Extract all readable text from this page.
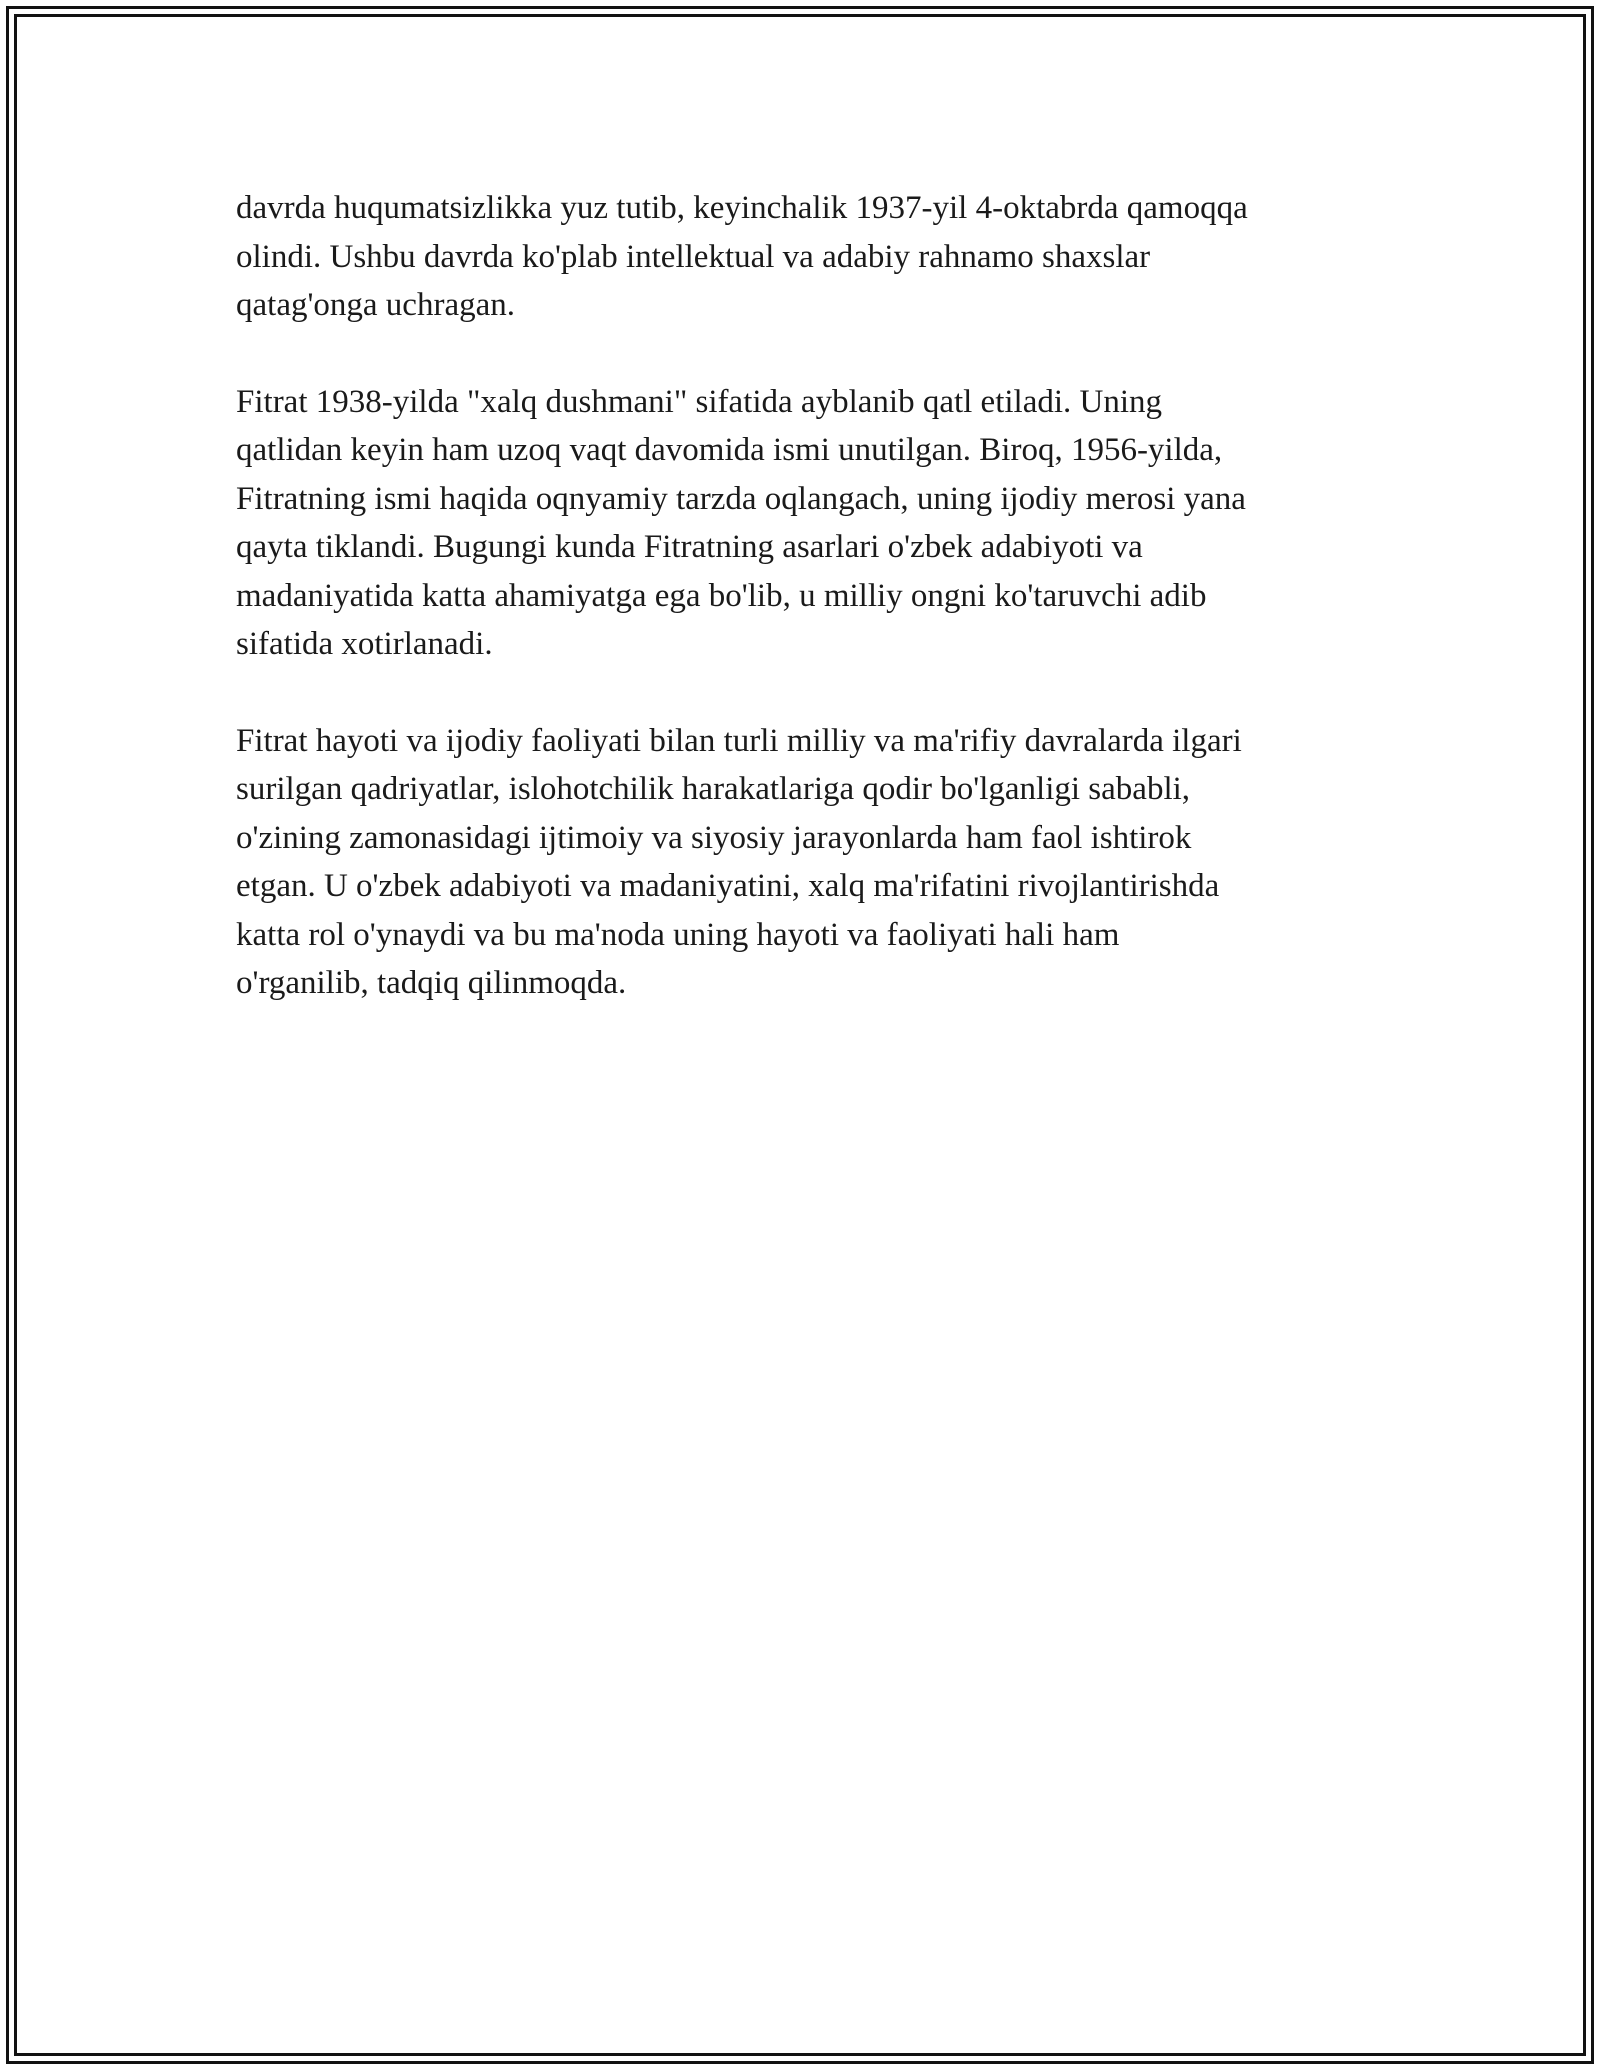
davrda huqumatsizlikka yuz tutib, keyinchalik 1937-yil 4-oktabrda qamoqqa
olindi. Ushbu davrda ko'plab intellektual va adabiy rahnamo shaxslar
qatag'onga uchragan.

Fitrat 1938-yilda "xalq dushmani" sifatida ayblanib qatl etiladi. Uning
qatlidan keyin ham uzoq vaqt davomida ismi unutilgan. Biroq, 1956-yilda,
Fitratning ismi haqida oqnyamiy tarzda oqlangach, uning ijodiy merosi yana
qayta tiklandi. Bugungi kunda Fitratning asarlari o'zbek adabiyoti va
madaniyatida katta ahamiyatga ega bo'lib, u milliy ongni ko'taruvchi adib
sifatida xotirlanadi.

Fitrat hayoti va ijodiy faoliyati bilan turli milliy va ma'rifiy davralarda ilgari
surilgan qadriyatlar, islohotchilik harakatlariga qodir bo'lganligi sababli,
o'zining zamonasidagi ijtimoiy va siyosiy jarayonlarda ham faol ishtirok
etgan. U o'zbek adabiyoti va madaniyatini, xalq ma'rifatini rivojlantirishda
katta rol o'ynaydi va bu ma'noda uning hayoti va faoliyati hali ham
o'rganilib, tadqiq qilinmoqda.
